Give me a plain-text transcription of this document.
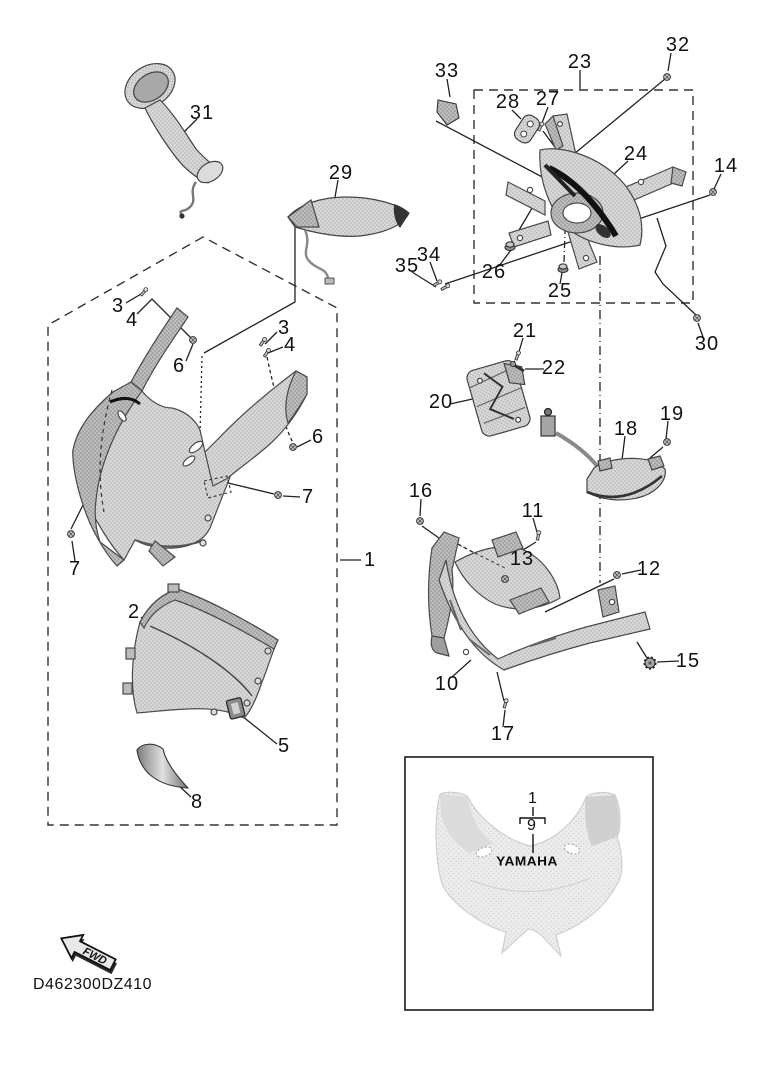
FWD
31
29
33	23
32
28 27
24
14
26
25
34
35
30
3
4
6
3
4
6
7
7	1
2
5
8
21
22
20
18
19
16
11
13	12
15
10
17
1
9
YAMAHA
D462300DZ410
